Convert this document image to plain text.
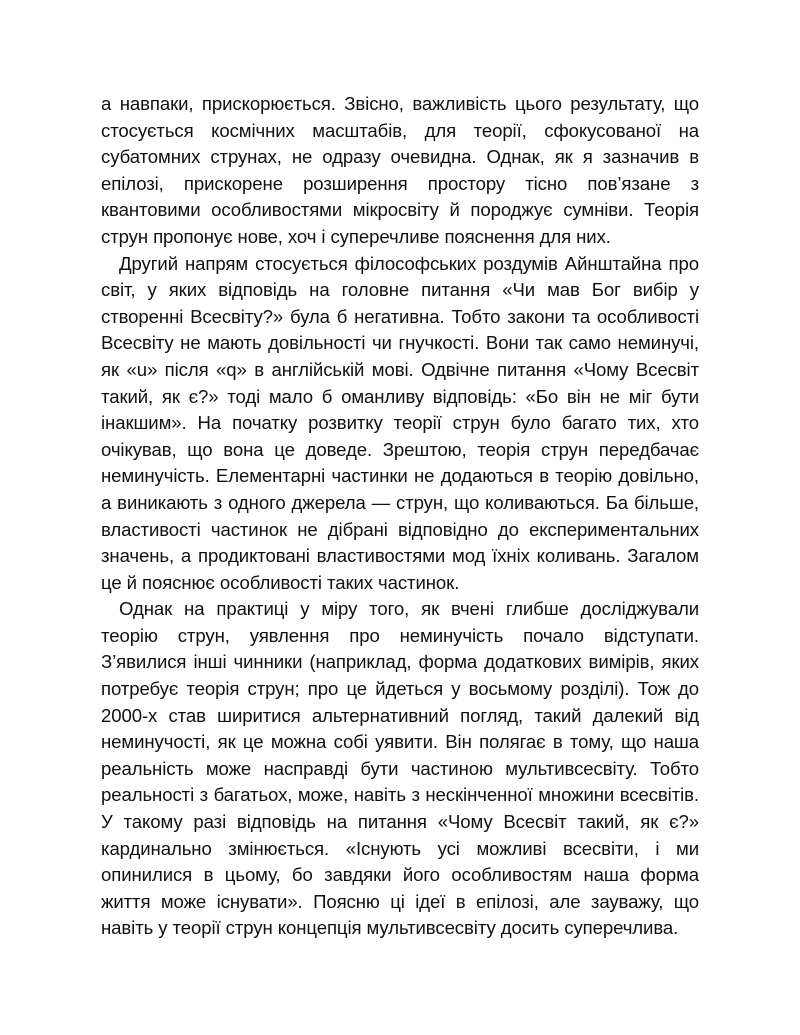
а навпаки, прискорюється. Звісно, важливість цього результату, що стосується космічних масштабів, для теорії, сфокусованої на субатомних струнах, не одразу очевидна. Однак, як я зазначив в епілозі, прискорене розширення простору тісно пов’язане з квантовими особливостями мікросвіту й породжує сумніви. Теорія струн пропонує нове, хоч і суперечливе пояснення для них.

Другий напрям стосується філософських роздумів Айнштайна про світ, у яких відповідь на головне питання «Чи мав Бог вибір у створенні Всесвіту?» була б негативна. Тобто закони та особливості Всесвіту не мають довільності чи гнучкості. Вони так само неминучі, як «u» після «q» в англійській мові. Одвічне питання «Чому Всесвіт такий, як є?» тоді мало б оманливу відповідь: «Бо він не міг бути інакшим». На початку розвитку теорії струн було багато тих, хто очікував, що вона це доведе. Зрештою, теорія струн передбачає неминучість. Елементарні частинки не додаються в теорію довільно, а виникають з одного джерела — струн, що коливаються. Ба більше, властивості частинок не дібрані відповідно до експериментальних значень, а продиктовані властивостями мод їхніх коливань. Загалом це й пояснює особливості таких частинок.

Однак на практиці у міру того, як вчені глибше досліджували теорію струн, уявлення про неминучість почало відступати. З’явилися інші чинники (наприклад, форма додаткових вимірів, яких потребує теорія струн; про це йдеться у восьмому розділі). Тож до 2000-х став ширитися альтернативний погляд, такий далекий від неминучості, як це можна собі уявити. Він полягає в тому, що наша реальність може насправді бути частиною мультивсесвіту. Тобто реальності з багатьох, може, навіть з нескінченної множини всесвітів. У такому разі відповідь на питання «Чому Всесвіт такий, як є?» кардинально змінюється. «Існують усі можливі всесвіти, і ми опинилися в цьому, бо завдяки його особливостям наша форма життя може існувати». Поясню ці ідеї в епілозі, але зауважу, що навіть у теорії струн концепція мультивсесвіту досить суперечлива.
